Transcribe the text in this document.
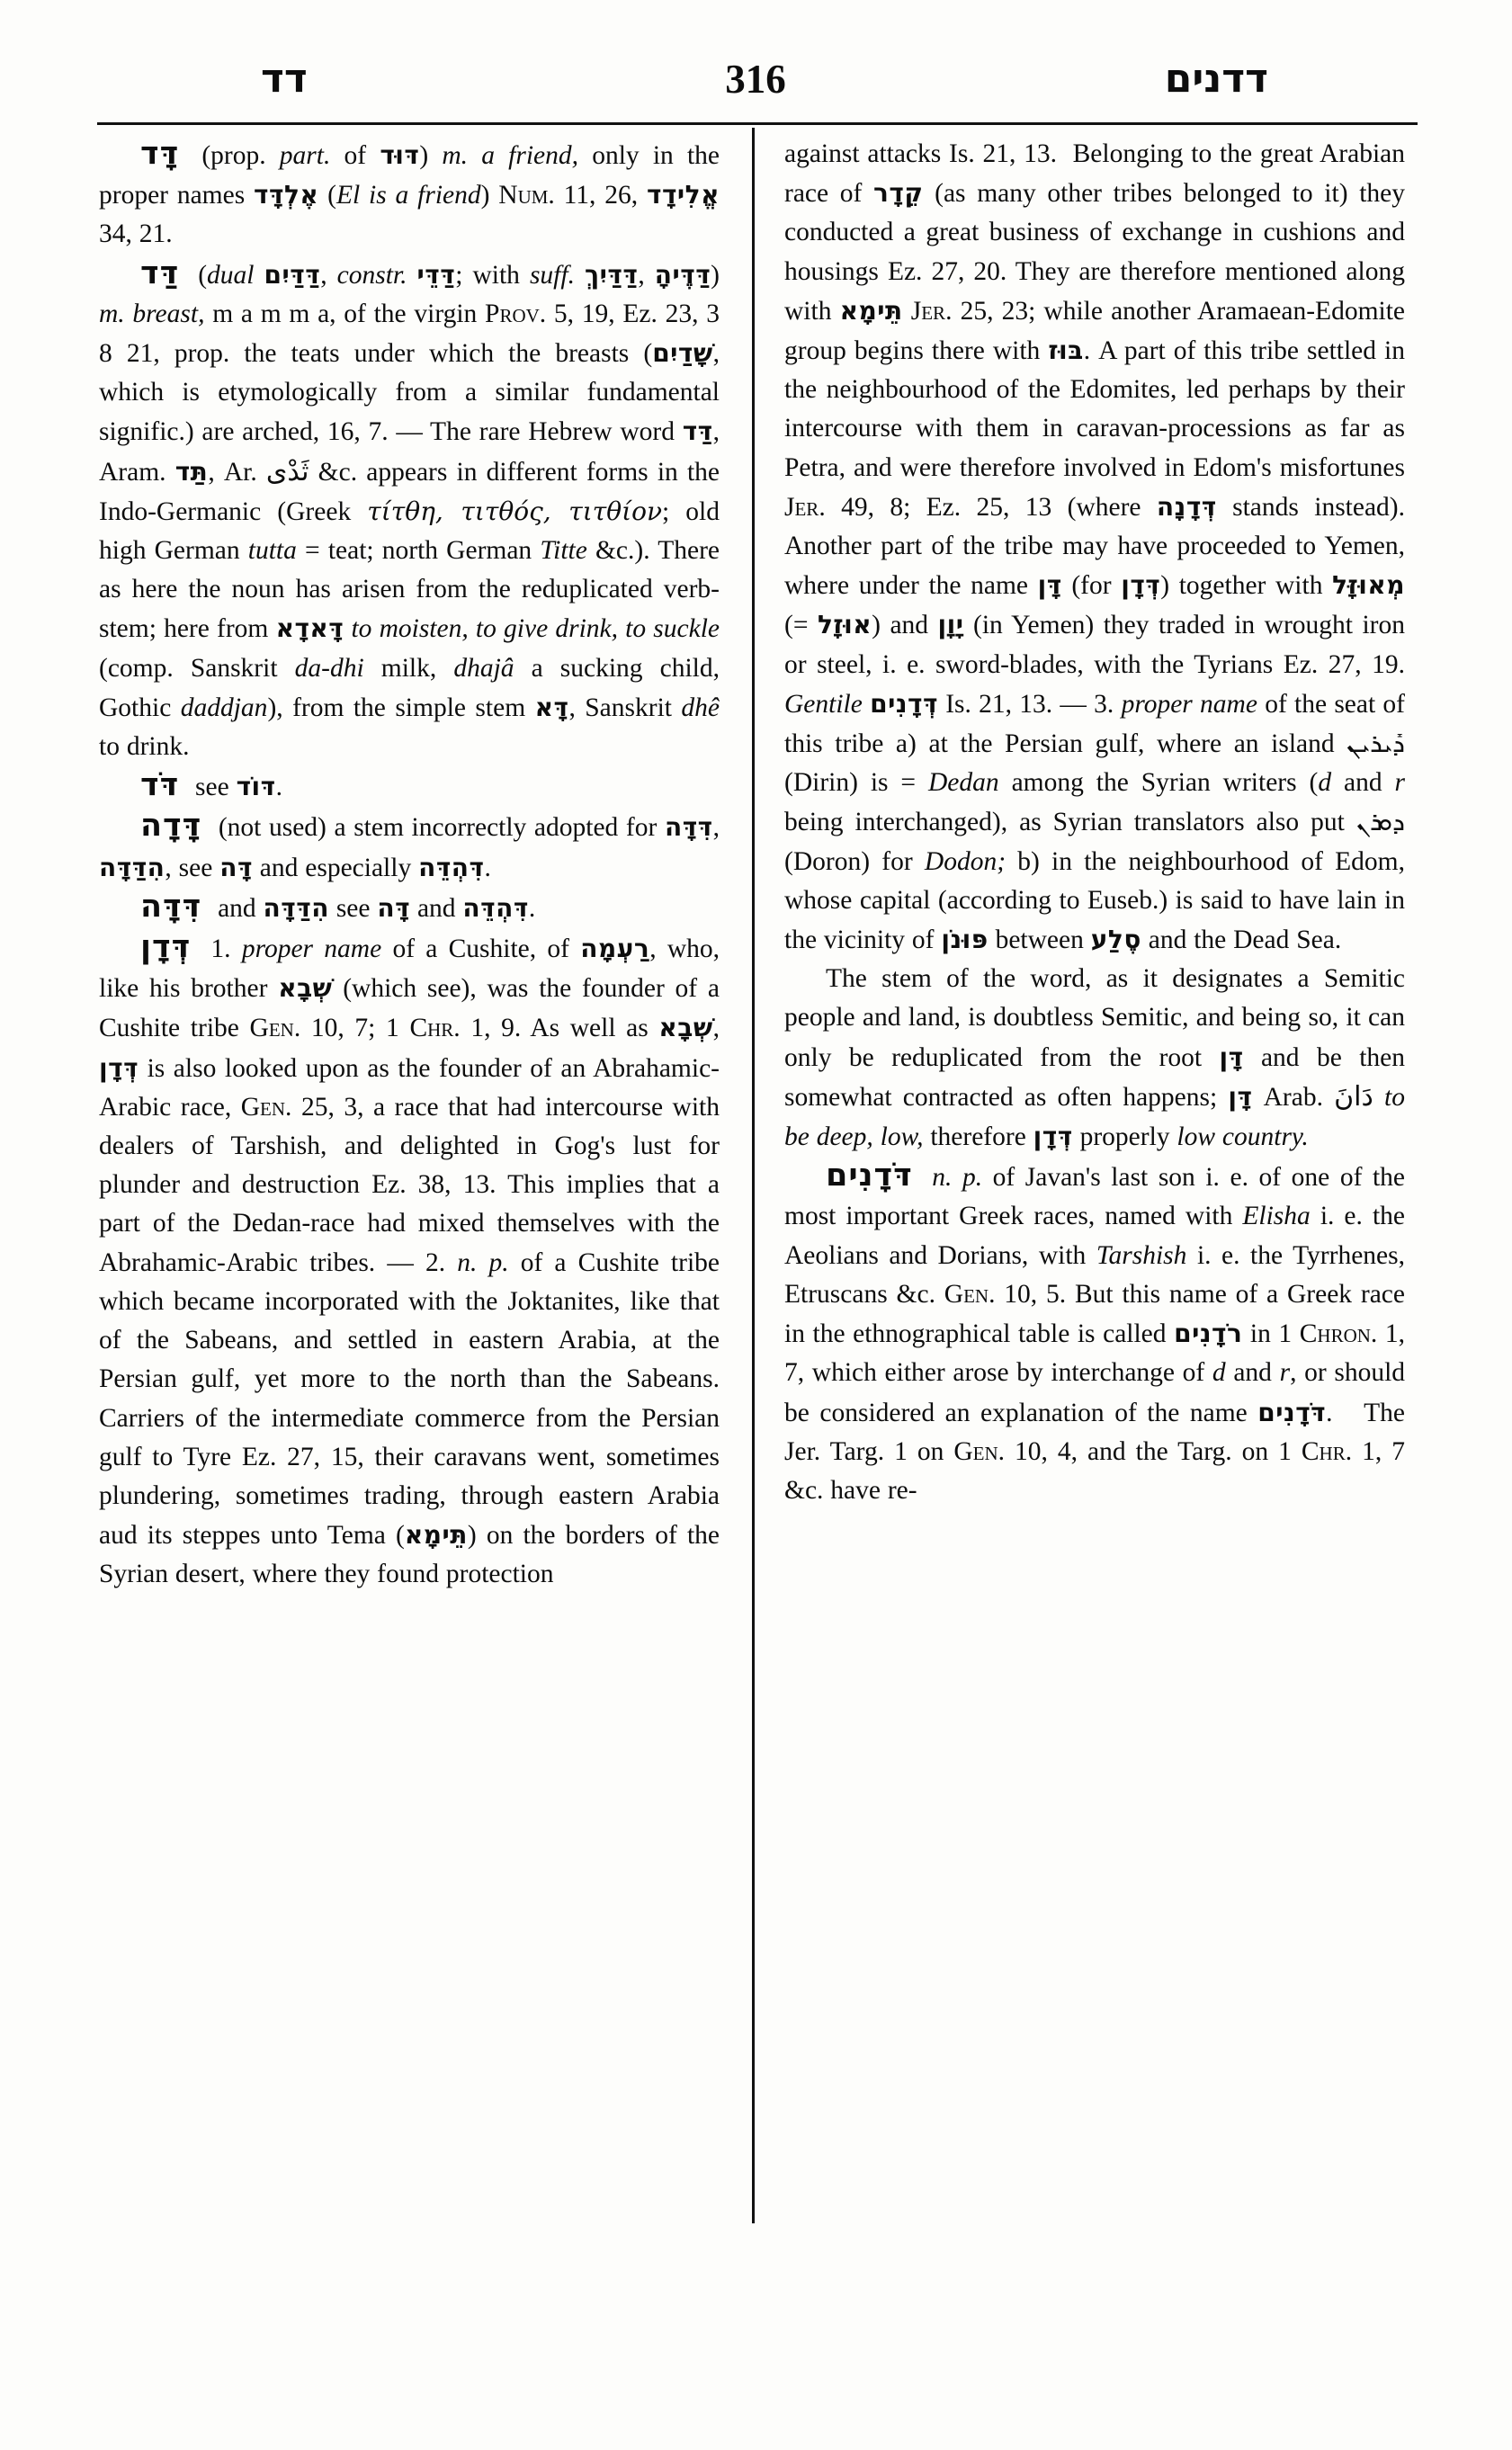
דד	316	דדנים

דָּד (prop. part. of דּוּד) m. a friend, only in the proper names אֶלְדָּד (El is a friend) Num. 11, 26, אֱלִידָד 34, 21.

דַּד (dual דַּדַּיִם, constr. דַּדֵּי; with suff. דַּדַּיִךְ, דַּדֶּיהָ) m. breast, m a m m a, of the virgin Prov. 5, 19, Ez. 23, 3 8 21, prop. the teats under which the breasts (שָׁדַיִם, which is etymologically from a similar fundamental signific.) are arched, 16, 7. — The rare Hebrew word דַּד, Aram. תַּד, Ar. ثَدْى &c. appears in different forms in the Indo-Germanic (Greek τίτθη, τιτθός, τιτθίον; old high German tutta = teat; north German Titte &c.). There as here the noun has arisen from the reduplicated verb-stem; here from דָּאדָא to moisten, to give drink, to suckle (comp. Sanskrit da-dhi milk, dhajâ a sucking child, Gothic daddjan), from the simple stem דָּא, Sanskrit dhê to drink.

דֹּד see דּוֹד.

דָּדָה (not used) a stem incorrectly adopted for דִּדָּה, הִדַּדָּה, see דָּה and especially דִּהְדֵּה.

דִּדָּה and הִדַּדָּה see דָּה and דִּהְדֵּה.

דְּדָן 1. proper name of a Cushite, of רַעְמָה, who, like his brother שְׁבָא (which see), was the founder of a Cushite tribe Gen. 10, 7; 1 Chr. 1, 9. As well as שְׁבָא, דְּדָן is also looked upon as the founder of an Abrahamic-Arabic race, Gen. 25, 3, a race that had intercourse with dealers of Tarshish, and delighted in Gog's lust for plunder and destruction Ez. 38, 13. This implies that a part of the Dedan-race had mixed themselves with the Abrahamic-Arabic tribes. — 2. n. p. of a Cushite tribe which became incorporated with the Joktanites, like that of the Sabeans, and settled in eastern Arabia, at the Persian gulf, yet more to the north than the Sabeans. Carriers of the intermediate commerce from the Persian gulf to Tyre Ez. 27, 15, their caravans went, sometimes plundering, sometimes trading, through eastern Arabia aud its steppes unto Tema (תֵּימָא) on the borders of the Syrian desert, where they found protection

against attacks Is. 21, 13.  Belonging to the great Arabian race of קֵדָר (as many other tribes belonged to it) they conducted a great business of exchange in cushions and housings Ez. 27, 20. They are therefore mentioned along with תֵּימָא Jer. 25, 23; while another Aramaean-Edomite group begins there with בּוּז. A part of this tribe settled in the neighbourhood of the Edomites, led perhaps by their intercourse with them in caravan-processions as far as Petra, and were therefore involved in Edom's misfortunes Jer. 49, 8; Ez. 25, 13 (where דְּדָנָה stands instead). Another part of the tribe may have proceeded to Yemen, where under the name דָּן (for דְּדָן) together with מְאוּזָּל (= אוּזָל) and יָוָן (in Yemen) they traded in wrought iron or steel, i. e. sword-blades, with the Tyrians Ez. 27, 19. Gentile דְּדָנִים Is. 21, 13. — 3. proper name of the seat of this tribe a) at the Persian gulf, where an island ܕܺܝܪܝܢ (Dirin) is = Dedan among the Syrian writers (d and r being interchanged), as Syrian translators also put ܕܘܪܢ (Doron) for Dodon; b) in the neighbourhood of Edom, whose capital (according to Euseb.) is said to have lain in the vicinity of פּוּנֹן between סֶלַע and the Dead Sea.

The stem of the word, as it designates a Semitic people and land, is doubtless Semitic, and being so, it can only be reduplicated from the root דָּן and be then somewhat contracted as often happens; דָּן Arab. دَانَ to be deep, low, therefore דְּדָן properly low country.

דֹּדָנִים n. p. of Javan's last son i. e. of one of the most important Greek races, named with Elisha i. e. the Aeolians and Dorians, with Tarshish i. e. the Tyrrhenes, Etruscans &c. Gen. 10, 5. But this name of a Greek race in the ethnographical table is called רֹדָנִים in 1 Chron. 1, 7, which either arose by interchange of d and r, or should be considered an explanation of the name דֹּדָנִים.   The Jer. Targ. 1 on Gen. 10, 4, and the Targ. on 1 Chr. 1, 7 &c. have re-
